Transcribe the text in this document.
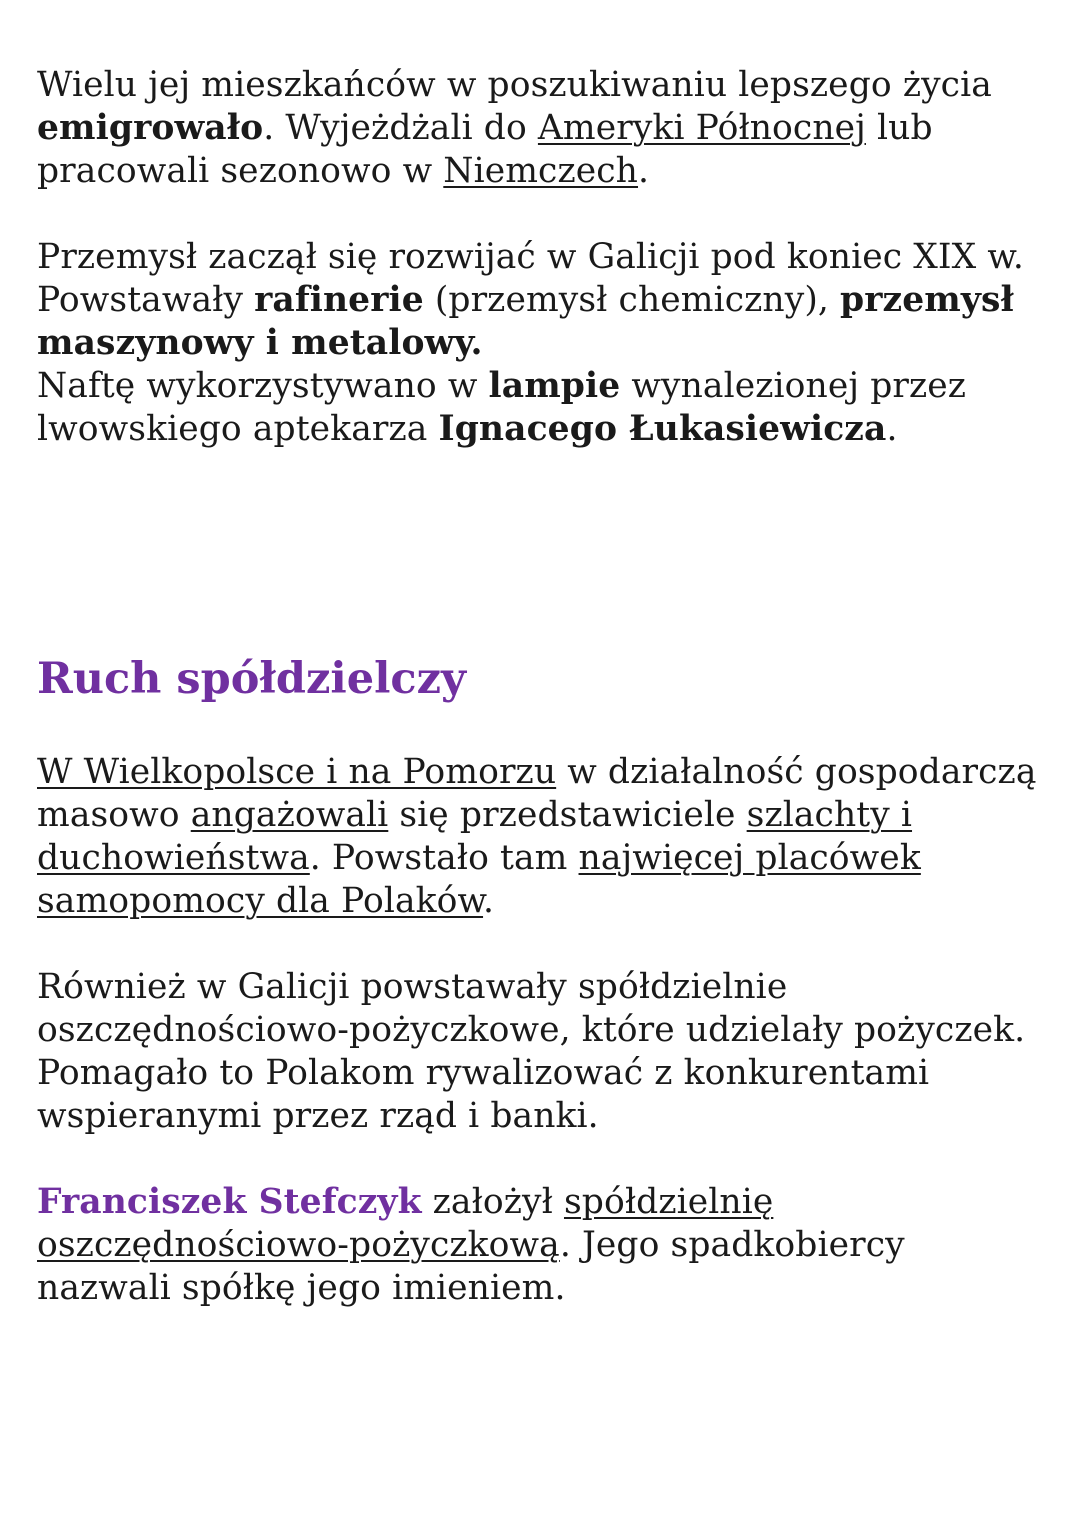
Wielu jej mieszkańców w poszukiwaniu lepszego życia emigrowało. Wyjeżdżali do Ameryki Północnej lub pracowali sezonowo w Niemczech.

Przemysł zaczął się rozwijać w Galicji pod koniec XIX w. Powstawały rafinerie (przemysł chemiczny), przemysł maszynowy i metalowy.

Naftę wykorzystywano w lampie wynalezionej przez lwowskiego aptekarza Ignacego Łukasiewicza.

Ruch spółdzielczy

W Wielkopolsce i na Pomorzu w działalność gospodarczą masowo angażowali się przedstawiciele szlachty i duchowieństwa. Powstało tam najwięcej placówek samopomocy dla Polaków.

Również w Galicji powstawały spółdzielnie oszczędnościowo-pożyczkowe, które udzielały pożyczek. Pomagało to Polakom rywalizować z konkurentami wspieranymi przez rząd i banki.

Franciszek Stefczyk założył spółdzielnię oszczędnościowo-pożyczkową. Jego spadkobiercy nazwali spółkę jego imieniem.
